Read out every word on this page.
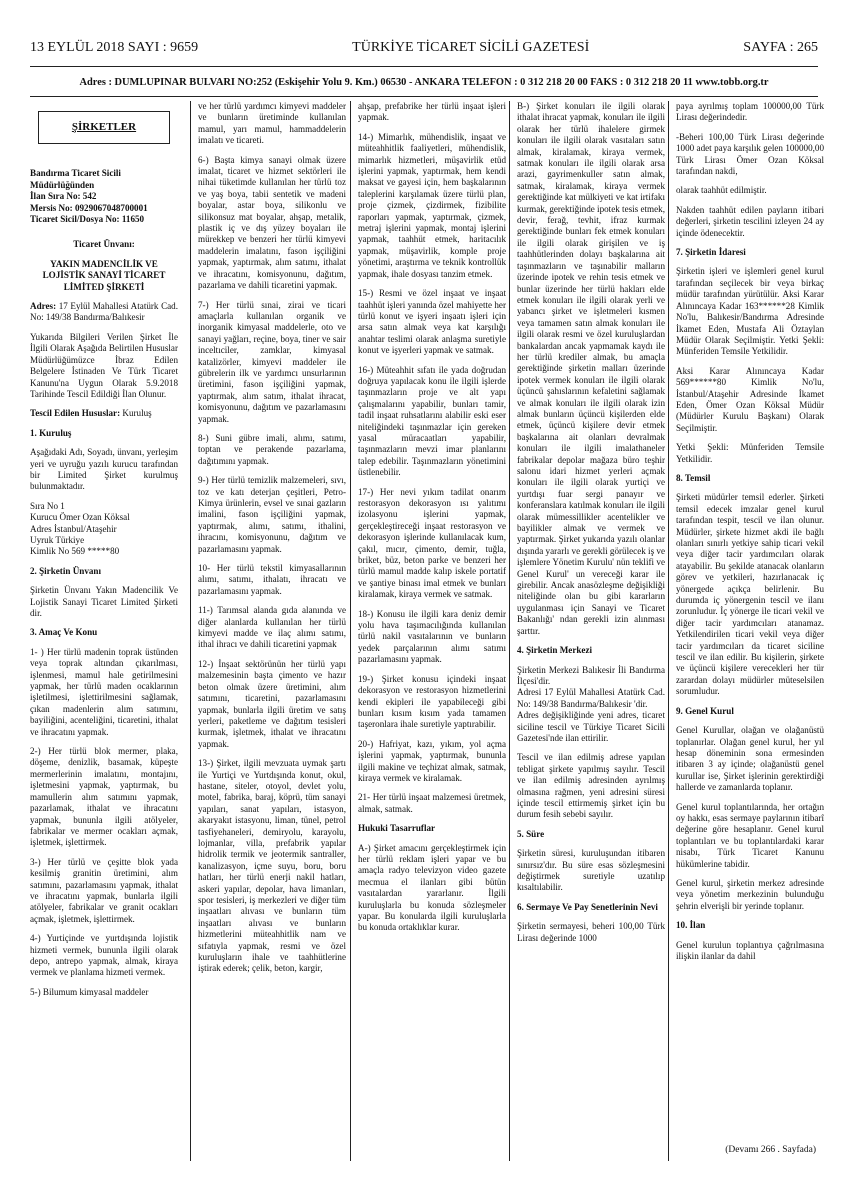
13 EYLÜL 2018 SAYI : 9659	TÜRKİYE TİCARET SİCİLİ GAZETESİ	SAYFA : 265
Adres : DUMLUPINAR BULVARI NO:252 (Eskişehir Yolu 9. Km.) 06530 - ANKARA TELEFON : 0 312 218 20 00 FAKS : 0 312 218 20 11 www.tobb.org.tr
ŞİRKETLER
Bandırma Ticaret Sicili Müdürlüğünden
İlan Sıra No: 542
Mersis No: 0929067048700001
Ticaret Sicil/Dosya No: 11650
Ticaret Ünvanı:
YAKIN MADENCİLİK VE LOJİSTİK SANAYİ TİCARET LİMİTED ŞİRKETİ

Adres: 17 Eylül Mahallesi Atatürk Cad. No: 149/38 Bandırma/Balıkesir

Yukarıda Bilgileri Verilen Şirket İle İlgili Olarak Aşağıda Belirtilen Hususlar Müdürlüğümüzce İbraz Edilen Belgelere İstinaden Ve Türk Ticaret Kanunu'na Uygun Olarak 5.9.2018 Tarihinde Tescil Edildiği İlan Olunur.

Tescil Edilen Hususlar: Kuruluş

1. Kuruluş

Aşağıdaki Adı, Soyadı, ünvanı, yerleşim yeri ve uyruğu yazılı kurucu tarafından bir Limited Şirket kurulmuş bulunmaktadır.

Sıra No 1
Kurucu Ömer Ozan Köksal
Adres İstanbul/Ataşehir
Uyruk Türkiye
Kimlik No 569 *****80

2. Şirketin Ünvanı

Şirketin Ünvanı Yakın Madencilik Ve Lojistik Sanayi Ticaret Limited Şirketi dir.

3. Amaç Ve Konu

1- ) Her türlü madenin toprak üstünden veya toprak altından çıkarılması, işlenmesi, mamul hale getirilmesini yapmak, her türlü maden ocaklarının işletilmesi, işlettirilmesini sağlamak, çıkan madenlerin alım satımını, bayiliğini, acenteliğini, ticaretini, ithalat ve ihracatını yapmak.

2-) Her türlü blok mermer, plaka, döşeme, denizlik, basamak, küpeşte mermerlerinin imalatını, montajını, işletmesini yapmak, yaptırmak, bu mamullerin alım satımını yapmak, pazarlamak, ithalat ve ihracatını yapmak, bununla ilgili atölyeler, fabrikalar ve mermer ocakları açmak, işletmek, işlettirmek.

3-) Her türlü ve çeşitte blok yada kesilmiş granitin üretimini, alım satımını, pazarlamasını yapmak, ithalat ve ihracatını yapmak, bunlarla ilgili atölyeler, fabrikalar ve granit ocakları açmak, işletmek, işlettirmek.

4-) Yurtiçinde ve yurtdışında lojistik hizmeti vermek, bununla ilgili olarak depo, antrepo yapmak, almak, kiraya vermek ve planlama hizmeti vermek.

5-) Bilumum kimyasal maddeler

ve her türlü yardımcı kimyevi maddeler ve bunların üretiminde kullanılan mamul, yarı mamul, hammaddelerin imalatı ve ticareti.

6-) Başta kimya sanayi olmak üzere imalat, ticaret ve hizmet sektörleri ile nihai tüketimde kullanılan her türlü toz ve yaş boya, tabii sentetik ve madeni boyalar, astar boya, silikonlu ve silikonsuz mat boyalar, ahşap, metalik, plastik iç ve dış yüzey boyaları ile mürekkep ve benzeri her türlü kimyevi maddelerin imalatını, fason işçiliğini yapmak, yaptırmak, alım satımı, ithalat ve ihracatını, komisyonunu, dağıtım, pazarlama ve dahili ticaretini yapmak.

7-) Her türlü sınai, zirai ve ticari amaçlarla kullanılan organik ve inorganik kimyasal maddelerle, oto ve sanayi yağları, reçine, boya, tiner ve sair inceltıciler, zamklar, kimyasal katalizörler, kimyevi maddeler ile gübrelerin ilk ve yardımcı unsurlarının üretimini, fason işçiliğini yapmak, yaptırmak, alım satım, ithalat ihracat, komisyonunu, dağıtım ve pazarlamasını yapmak.

8-) Suni gübre imali, alımı, satımı, toptan ve perakende pazarlama, dağıtımını yapmak.

9-) Her türlü temizlik malzemeleri, sıvı, toz ve katı deterjan çeşitleri, Petro-Kimya ürünlerin, evsel ve sınai gazların imalini, fason işçiliğini yapmak, yaptırmak, alımı, satımı, ithalini, ihracını, komisyonunu, dağıtım ve pazarlamasını yapmak.

10- Her türlü tekstil kimyasallarının alımı, satımı, ithalatı, ihracatı ve pazarlamasını yapmak.

11-) Tarımsal alanda gıda alanında ve diğer alanlarda kullanılan her türlü kimyevi madde ve ilaç alımı satımı, ithal ihracı ve dahili ticaretini yapmak

12-) İnşaat sektörünün her türlü yapı malzemesinin başta çimento ve hazır beton olmak üzere üretimini, alım satımını, ticaretini, pazarlamasını yapmak, bunlarla ilgili üretim ve satış yerleri, paketleme ve dağıtım tesisleri kurmak, işletmek, ithalat ve ihracatını yapmak.

13-) Şirket, ilgili mevzuata uymak şartı ile Yurtiçi ve Yurtdışında konut, okul, hastane, siteler, otoyol, devlet yolu, motel, fabrika, baraj, köprü, tüm sanayi yapıları, sanat yapıları, istasyon, akaryakıt istasyonu, liman, tünel, petrol tasfiyehaneleri, demiryolu, karayolu, lojmanlar, villa, prefabrik yapılar hidrolik termik ve jeotermik santraller, kanalizasyon, içme suyu, boru, boru hatları, her türlü enerji nakil hatları, askeri yapılar, depolar, hava limanları, spor tesisleri, iş merkezleri ve diğer tüm inşaatları alıvası ve bunların tüm inşaatları alıvası ve bunların hizmetlerini müteahhitlik nam ve sıfatıyla yapmak, resmi ve özel kuruluşların ihale ve taahhütlerine iştirak ederek; çelik, beton, kargir,

ahşap, prefabrike her türlü inşaat işleri yapmak.

14-) Mimarlık, mühendislik, inşaat ve müteahhitlik faaliyetleri, mühendislik, mimarlık hizmetleri, müşavirlik etüd işlerini yapmak, yaptırmak, hem kendi maksat ve gayesi için, hem başkalarının taleplerini karşılamak üzere türlü plan, proje çizmek, çizdirmek, fizibilite raporları yapmak, yaptırmak, çizmek, metraj işlerini yapmak, montaj işlerini yapmak, taahhüt etmek, haritacılık yapmak, müşavirlik, komple proje yönetimi, araştırma ve teknik kontrollük yapmak, ihale dosyası tanzim etmek.

15-) Resmi ve özel inşaat ve inşaat taahhüt işleri yanında özel mahiyette her türlü konut ve işyeri inşaatı işleri için arsa satın almak veya kat karşılığı anahtar teslimi olarak anlaşma suretiyle konut ve işyerleri yapmak ve satmak.

16-) Müteahhit sıfatı ile yada doğrudan doğruya yapılacak konu ile ilgili işlerde taşınmazların proje ve alt yapı çalışmalarını yapabilir, bunları tamir, tadil inşaat ruhsatlarını alabilir eski eser niteliğindeki taşınmazlar için gereken yasal müracaatları yapabilir, taşınmazların mevzi imar planlarını talep edebilir. Taşınmazların yönetimini üstlenebilir.

17-) Her nevi yıkım tadilat onarım restorasyon dekorasyon ısı yalıtımı izolasyonu işlerini yapmak, gerçekleştireceği inşaat restorasyon ve dekorasyon işlerinde kullanılacak kum, çakıl, mıcır, çimento, demir, tuğla, briket, büz, beton parke ve benzeri her türlü mamul madde kalıp iskele portatif ve şantiye binası imal etmek ve bunları kiralamak, kiraya vermek ve satmak.

18-) Konusu ile ilgili kara deniz demir yolu hava taşımacılığında kullanılan türlü nakil vasıtalarının ve bunların yedek parçalarının alımı satımı pazarlamasını yapmak.

19-) Şirket konusu içindeki inşaat dekorasyon ve restorasyon hizmetlerini kendi ekipleri ile yapabileceği gibi bunları kısım kısım yada tamamen taşeronlara ihale suretiyle yaptırabilir.

20-) Hafriyat, kazı, yıkım, yol açma işlerini yapmak, yaptırmak, bununla ilgili makine ve teçhizat almak, satmak, kiraya vermek ve kiralamak.

21- Her türlü inşaat malzemesi üretmek, almak, satmak.

Hukuki Tasarruflar

A-) Şirket amacını gerçekleştirmek için her türlü reklam işleri yapar ve bu amaçla radyo televizyon video gazete mecmua el ilanları gibi bütün vasıtalardan yararlanır. İlgili kuruluşlarla bu konuda sözleşmeler yapar. Bu konularda ilgili kuruluşlarla bu konuda ortaklıklar kurar.

B-) Şirket konuları ile ilgili olarak ithalat ihracat yapmak, konuları ile ilgili olarak her türlü ihalelere girmek konuları ile ilgili olarak vasıtaları satın almak, kiralamak, kiraya vermek, satmak konuları ile ilgili olarak arsa arazi, gayrimenkuller satın almak, satmak, kiralamak, kiraya vermek gerektiğinde kat mülkiyeti ve kat irtifakı kurmak, gerektiğinde ipotek tesis etmek, devir, ferağ, tevhit, ifraz kurmak gerektiğinde bunları fek etmek konuları ile ilgili olarak girişilen ve iş taahhütlerinden dolayı başkalarına ait taşınmazların ve taşınabilir malların üzerinde ipotek ve rehin tesis etmek ve bunlar üzerinde her türlü hakları elde etmek konuları ile ilgili olarak yerli ve yabancı şirket ve işletmeleri kısmen veya tamamen satın almak konuları ile ilgili olarak resmi ve özel kuruluşlardan bankalardan ancak yapmamak kaydı ile her türlü krediler almak, bu amaçla gerektiğinde şirketin malları üzerinde ipotek vermek konuları ile ilgili olarak üçüncü şahıslarının kefaletini sağlamak ve almak konuları ile ilgili olarak izin almak bunların üçüncü kişilerden elde etmek, üçüncü kişilere devir etmek başkalarına ait olanları devralmak konuları ile ilgili imalathaneler fabrikalar depolar mağaza büro teşhir salonu idari hizmet yerleri açmak konuları ile ilgili olarak yurtiçi ve yurtdışı fuar sergi panayır ve konferanslara katılmak konuları ile ilgili olarak mümessillikler acentelikler ve bayilikler almak ve vermek ve yaptırmak. Şirket yukarıda yazılı olanlar dışında yararlı ve gerekli görülecek iş ve işlemlere Yönetim Kurulu' nün teklifi ve Genel Kurul' un vereceği karar ile girebilir. Ancak anasözleşme değişikliği niteliğinde olan bu gibi kararların uygulanması için Sanayi ve Ticaret Bakanlığı' ndan gerekli izin alınması şarttır.

4. Şirketin Merkezi

Şirketin Merkezi Balıkesir İli Bandırma İlçesi'dir.
Adresi 17 Eylül Mahallesi Atatürk Cad. No: 149/38 Bandırma/Balıkesir 'dir.
Adres değişikliğinde yeni adres, ticaret siciline tescil ve Türkiye Ticaret Sicili Gazetesi'nde ilan ettirilir.

Tescil ve ilan edilmiş adrese yapılan tebligat şirkete yapılmış sayılır. Tescil ve ilan edilmiş adresinden ayrılmış olmasına rağmen, yeni adresini süresi içinde tescil ettirmemiş şirket için bu durum fesih sebebi sayılır.

5. Süre

Şirketin süresi, kuruluşundan itibaren sınırsız'dır. Bu süre esas sözleşmesini değiştirmek suretiyle uzatılıp kısaltılabilir.

6. Sermaye Ve Pay Senetlerinin Nevi

Şirketin sermayesi, beheri 100,00 Türk Lirası değerinde 1000

paya ayrılmış toplam 100000,00 Türk Lirası değerindedir.

-Beheri 100,00 Türk Lirası değerinde 1000 adet paya karşılık gelen 100000,00 Türk Lirası Ömer Ozan Köksal tarafından nakdi,

olarak taahhüt edilmiştir.

Nakden taahhüt edilen payların itibari değerleri, şirketin tescilini izleyen 24 ay içinde ödenecektir.

7. Şirketin İdaresi

Şirketin işleri ve işlemleri genel kurul tarafından seçilecek bir veya birkaç müdür tarafından yürütülür. Aksi Karar Alınıncaya Kadar 163******28 Kimlik No'lu, Balıkesir/Bandırma Adresinde İkamet Eden, Mustafa Ali Öztaylan Müdür Olarak Seçilmiştir. Yetki Şekli: Münferiden Temsile Yetkilidir.

Aksi Karar Alınıncaya Kadar 569******80 Kimlik No'lu, İstanbul/Ataşehir Adresinde İkamet Eden, Ömer Ozan Köksal Müdür (Müdürler Kurulu Başkanı) Olarak Seçilmiştir.

Yetki Şekli: Münferiden Temsile Yetkilidir.

8. Temsil

Şirketi müdürler temsil ederler. Şirketi temsil edecek imzalar genel kurul tarafından tespit, tescil ve ilan olunur. Müdürler, şirkete hizmet akdi ile bağlı olanları sınırlı yetkiye sahip ticari vekil veya diğer tacir yardımcıları olarak atayabilir. Bu şekilde atanacak olanların görev ve yetkileri, hazırlanacak iç yönergede açıkça belirlenir. Bu durumda iç yönergenin tescil ve ilanı zorunludur. İç yönerge ile ticari vekil ve diğer tacir yardımcıları atanamaz. Yetkilendirilen ticari vekil veya diğer tacir yardımcıları da ticaret siciline tescil ve ilan edilir. Bu kişilerin, şirkete ve üçüncü kişilere verecekleri her tür zarardan dolayı müdürler müteselsilen sorumludur.

9. Genel Kurul

Genel Kurullar, olağan ve olağanüstü toplanırlar. Olağan genel kurul, her yıl hesap döneminin sona ermesinden itibaren 3 ay içinde; olağanüstü genel kurullar ise, Şirket işlerinin gerektirdiği hallerde ve zamanlarda toplanır.

Genel kurul toplantılarında, her ortağın oy hakkı, esas sermaye paylarının itibarî değerine göre hesaplanır. Genel kurul toplantıları ve bu toplantılardaki karar nisabı, Türk Ticaret Kanunu hükümlerine tabidir.

Genel kurul, şirketin merkez adresinde veya yönetim merkezinin bulunduğu şehrin elverişli bir yerinde toplanır.

10. İlan

Genel kurulun toplantıya çağrılmasına ilişkin ilanlar da dahil

(Devamı 266 . Sayfada)
